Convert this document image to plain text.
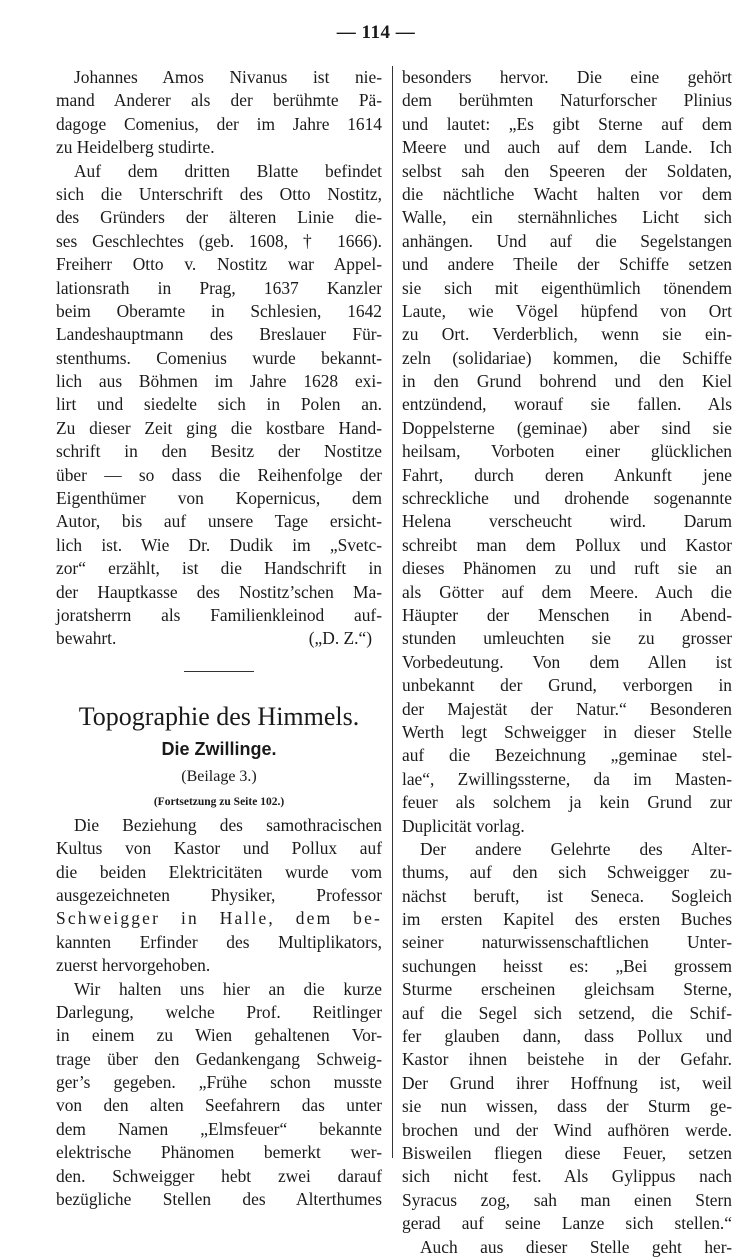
— 114 —
Johannes Amos Nivanus ist nie-
mand Anderer als der berühmte Pä-
dagoge Comenius, der im Jahre 1614
zu Heidelberg studirte.
Auf dem dritten Blatte befindet
sich die Unterschrift des Otto Nostitz,
des Gründers der älteren Linie die-
ses Geschlechtes (geb. 1608, † 1666).
Freiherr Otto v. Nostitz war Appel-
lationsrath in Prag, 1637 Kanzler
beim Oberamte in Schlesien, 1642
Landeshauptmann des Breslauer Für-
stenthums. Comenius wurde bekannt-
lich aus Böhmen im Jahre 1628 exi-
lirt und siedelte sich in Polen an.
Zu dieser Zeit ging die kostbare Hand-
schrift in den Besitz der Nostitze
über — so dass die Reihenfolge der
Eigenthümer von Kopernicus, dem
Autor, bis auf unsere Tage ersicht-
lich ist. Wie Dr. Dudik im „Svetc-
zor“ erzählt, ist die Handschrift in
der Hauptkasse des Nostitz’schen Ma-
joratsherrn als Familienkleinod auf-
bewahrt.	(„D. Z.“)
Topographie des Himmels.
Die Zwillinge.
(Beilage 3.)
(Fortsetzung zu Seite 102.)
Die Beziehung des samothracischen
Kultus von Kastor und Pollux auf
die beiden Elektricitäten wurde vom
ausgezeichneten Physiker, Professor
Schweigger in Halle, dem be-
kannten Erfinder des Multiplikators,
zuerst hervorgehoben.
Wir halten uns hier an die kurze
Darlegung, welche Prof. Reitlinger
in einem zu Wien gehaltenen Vor-
trage über den Gedankengang Schweig-
ger’s gegeben. „Frühe schon musste
von den alten Seefahrern das unter
dem Namen „Elmsfeuer“ bekannte
elektrische Phänomen bemerkt wer-
den. Schweigger hebt zwei darauf
bezügliche Stellen des Alterthumes
besonders hervor. Die eine gehört
dem berühmten Naturforscher Plinius
und lautet: „Es gibt Sterne auf dem
Meere und auch auf dem Lande. Ich
selbst sah den Speeren der Soldaten,
die nächtliche Wacht halten vor dem
Walle, ein sternähnliches Licht sich
anhängen. Und auf die Segelstangen
und andere Theile der Schiffe setzen
sie sich mit eigenthümlich tönendem
Laute, wie Vögel hüpfend von Ort
zu Ort. Verderblich, wenn sie ein-
zeln (solidariae) kommen, die Schiffe
in den Grund bohrend und den Kiel
entzündend, worauf sie fallen. Als
Doppelsterne (geminae) aber sind sie
heilsam, Vorboten einer glücklichen
Fahrt, durch deren Ankunft jene
schreckliche und drohende sogenannte
Helena verscheucht wird. Darum
schreibt man dem Pollux und Kastor
dieses Phänomen zu und ruft sie an
als Götter auf dem Meere. Auch die
Häupter der Menschen in Abend-
stunden umleuchten sie zu grosser
Vorbedeutung. Von dem Allen ist
unbekannt der Grund, verborgen in
der Majestät der Natur.“ Besonderen
Werth legt Schweigger in dieser Stelle
auf die Bezeichnung „geminae stel-
lae“, Zwillingssterne, da im Masten-
feuer als solchem ja kein Grund zur
Duplicität vorlag.
Der andere Gelehrte des Alter-
thums, auf den sich Schweigger zu-
nächst beruft, ist Seneca. Sogleich
im ersten Kapitel des ersten Buches
seiner naturwissenschaftlichen Unter-
suchungen heisst es: „Bei grossem
Sturme erscheinen gleichsam Sterne,
auf die Segel sich setzend, die Schif-
fer glauben dann, dass Pollux und
Kastor ihnen beistehe in der Gefahr.
Der Grund ihrer Hoffnung ist, weil
sie nun wissen, dass der Sturm ge-
brochen und der Wind aufhören werde.
Bisweilen fliegen diese Feuer, setzen
sich nicht fest. Als Gylippus nach
Syracus zog, sah man einen Stern
gerad auf seine Lanze sich stellen.“
Auch aus dieser Stelle geht her-
